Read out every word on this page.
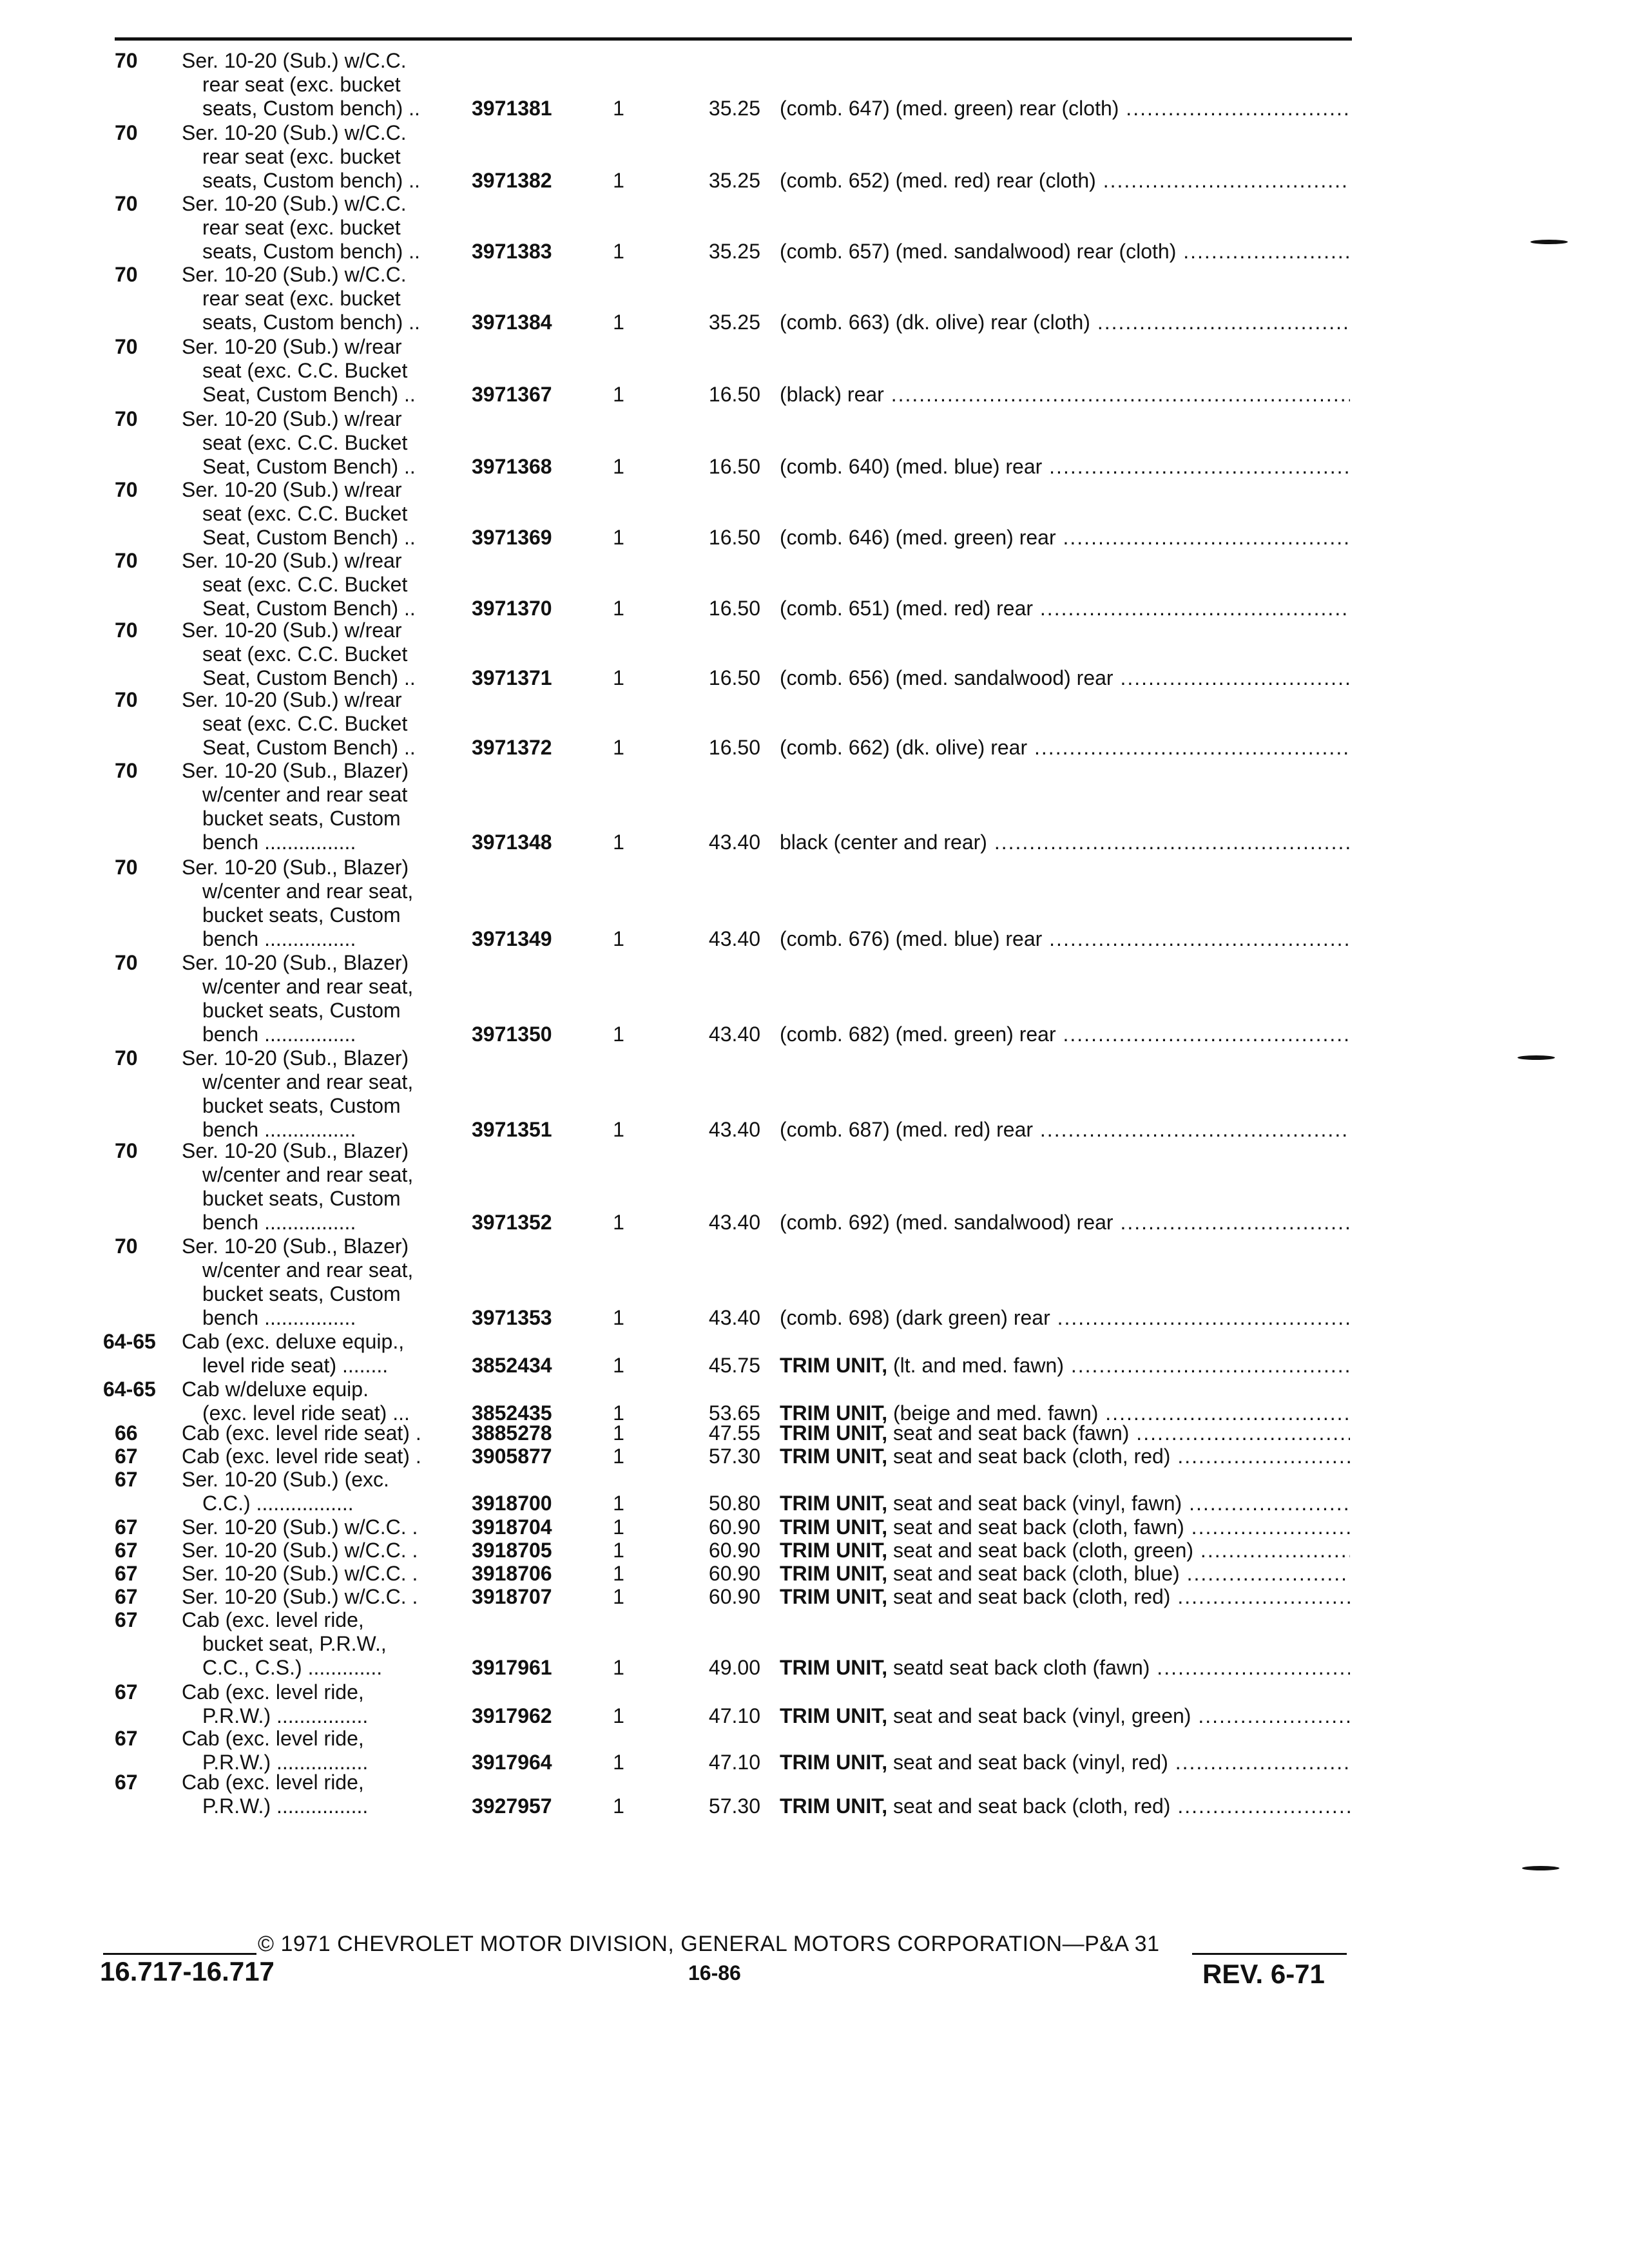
70	Ser. 10-20 (Sub.) w/C.C.
rear seat (exc. bucket
seats, Custom bench) ..	3971381	1	35.25 (comb. 647) (med. green) rear (cloth) .....
70	Ser. 10-20 (Sub.) w/C.C.
rear seat (exc. bucket
seats, Custom bench) ..	3971382	1	35.25 (comb. 652) (med. red) rear (cloth) .....
70	Ser. 10-20 (Sub.) w/C.C.
rear seat (exc. bucket
seats, Custom bench) ..	3971383	1	35.25 (comb. 657) (med. sandalwood) rear (cloth) .....
70	Ser. 10-20 (Sub.) w/C.C.
rear seat (exc. bucket
seats, Custom bench) ..	3971384	1	35.25 (comb. 663) (dk. olive) rear (cloth) .....
70	Ser. 10-20 (Sub.) w/rear
seat (exc. C.C. Bucket
Seat, Custom Bench) ..	3971367	1	16.50 (black) rear .....
70	Ser. 10-20 (Sub.) w/rear
seat (exc. C.C. Bucket
Seat, Custom Bench) ..	3971368	1	16.50 (comb. 640) (med. blue) rear .....
70	Ser. 10-20 (Sub.) w/rear
seat (exc. C.C. Bucket
Seat, Custom Bench) ..	3971369	1	16.50 (comb. 646) (med. green) rear .....
70	Ser. 10-20 (Sub.) w/rear
seat (exc. C.C. Bucket
Seat, Custom Bench) ..	3971370	1	16.50 (comb. 651) (med. red) rear .....
70	Ser. 10-20 (Sub.) w/rear
seat (exc. C.C. Bucket
Seat, Custom Bench) ..	3971371	1	16.50 (comb. 656) (med. sandalwood) rear .....
70	Ser. 10-20 (Sub.) w/rear
seat (exc. C.C. Bucket
Seat, Custom Bench) ..	3971372	1	16.50 (comb. 662) (dk. olive) rear .....
70	Ser. 10-20 (Sub., Blazer)
w/center and rear seat
bucket seats, Custom
bench ................	3971348	1	43.40 black (center and rear) .....
70	Ser. 10-20 (Sub., Blazer)
w/center and rear seat,
bucket seats, Custom
bench ................	3971349	1	43.40 (comb. 676) (med. blue) rear .....
70	Ser. 10-20 (Sub., Blazer)
w/center and rear seat,
bucket seats, Custom
bench ................	3971350	1	43.40 (comb. 682) (med. green) rear .....
70	Ser. 10-20 (Sub., Blazer)
w/center and rear seat,
bucket seats, Custom
bench ................	3971351	1	43.40 (comb. 687) (med. red) rear .....
70	Ser. 10-20 (Sub., Blazer)
w/center and rear seat,
bucket seats, Custom
bench ................	3971352	1	43.40 (comb. 692) (med. sandalwood) rear .....
70	Ser. 10-20 (Sub., Blazer)
w/center and rear seat,
bucket seats, Custom
bench ................	3971353	1	43.40 (comb. 698) (dark green) rear .....
64-65	Cab (exc. deluxe equip.,
level ride seat) ........	3852434	1	45.75 TRIM UNIT, (lt. and med. fawn) .....
64-65	Cab w/deluxe equip.
(exc. level ride seat) ...	3852435	1	53.65 TRIM UNIT, (beige and med. fawn) .....
66	Cab (exc. level ride seat) .	3885278	1	47.55 TRIM UNIT, seat and seat back (fawn) .....
67	Cab (exc. level ride seat) .	3905877	1	57.30 TRIM UNIT, seat and seat back (cloth, red) .....
67	Ser. 10-20 (Sub.) (exc.
C.C.) .................	3918700	1	50.80 TRIM UNIT, seat and seat back (vinyl, fawn) .....
67	Ser. 10-20 (Sub.) w/C.C. .	3918704	1	60.90 TRIM UNIT, seat and seat back (cloth, fawn) .....
67	Ser. 10-20 (Sub.) w/C.C. .	3918705	1	60.90 TRIM UNIT, seat and seat back (cloth, green) .....
67	Ser. 10-20 (Sub.) w/C.C. .	3918706	1	60.90 TRIM UNIT, seat and seat back (cloth, blue) .....
67	Ser. 10-20 (Sub.) w/C.C. .	3918707	1	60.90 TRIM UNIT, seat and seat back (cloth, red) .....
67	Cab (exc. level ride,
bucket seat, P.R.W.,
C.C., C.S.) .............	3917961	1	49.00 TRIM UNIT, seatd seat back cloth (fawn) .....
67	Cab (exc. level ride,
P.R.W.) ................	3917962	1	47.10 TRIM UNIT, seat and seat back (vinyl, green) .....
67	Cab (exc. level ride,
P.R.W.) ................	3917964	1	47.10 TRIM UNIT, seat and seat back (vinyl, red) .....
67	Cab (exc. level ride,
P.R.W.) ................	3927957	1	57.30 TRIM UNIT, seat and seat back (cloth, red) .....
© 1971 CHEVROLET MOTOR DIVISION, GENERAL MOTORS CORPORATION—P&A 31
16.717-16.717	16-86	REV. 6-71
